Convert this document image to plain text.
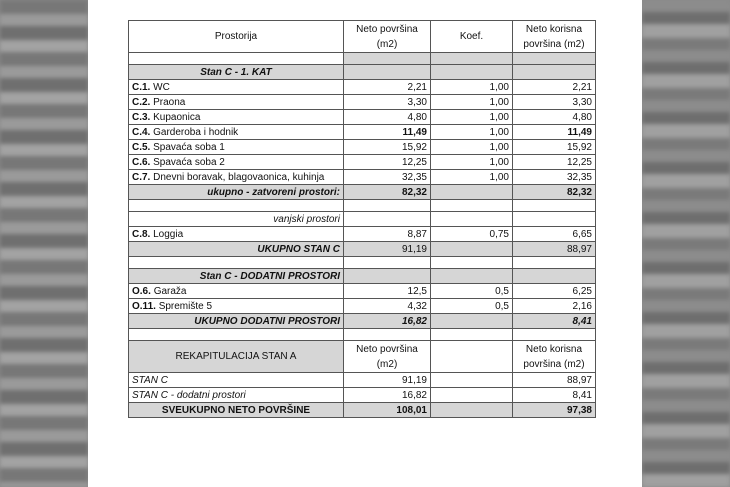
Prostorija	Neto površina (m2)	Koef.	Neto korisna površina (m2)

Stan C - 1. KAT			
C.1. WC	2,21	1,00	2,21
C.2. Praona	3,30	1,00	3,30
C.3. Kupaonica	4,80	1,00	4,80
C.4. Garderoba i hodnik	11,49	1,00	11,49
C.5. Spavaća soba 1	15,92	1,00	15,92
C.6. Spavaća soba 2	12,25	1,00	12,25
C.7. Dnevni boravak, blagovaonica, kuhinja	32,35	1,00	32,35
ukupno - zatvoreni prostori:	82,32		82,32

vanjski prostori			
C.8. Loggia	8,87	0,75	6,65
UKUPNO STAN C	91,19		88,97

Stan C - DODATNI PROSTORI			
O.6. Garaža	12,5	0,5	6,25
O.11. Spremište 5	4,32	0,5	2,16
UKUPNO DODATNI PROSTORI	16,82		8,41

REKAPITULACIJA STAN A	Neto površina (m2)		Neto korisna površina (m2)
STAN C	91,19		88,97
STAN C - dodatni prostori	16,82		8,41
SVEUKUPNO NETO POVRŠINE	108,01		97,38
